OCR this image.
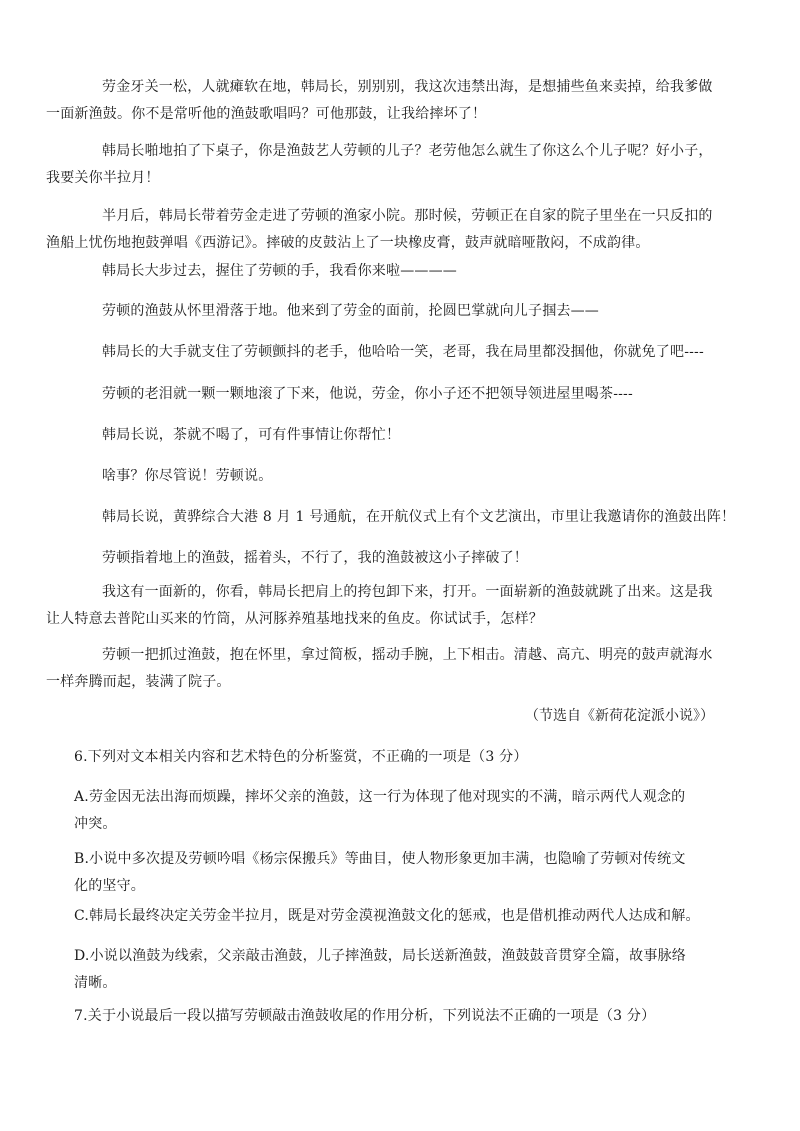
劳金牙关一松，人就瘫软在地，韩局长，别别别，我这次违禁出海，是想捕些鱼来卖掉，给我爹做
一面新渔鼓。你不是常听他的渔鼓歌唱吗？可他那鼓，让我给摔坏了！

韩局长啪地拍了下桌子，你是渔鼓艺人劳顿的儿子？老劳他怎么就生了你这么个儿子呢？好小子，
我要关你半拉月！

半月后，韩局长带着劳金走进了劳顿的渔家小院。那时候，劳顿正在自家的院子里坐在一只反扣的
渔船上忧伤地抱鼓弹唱《西游记》。摔破的皮鼓沾上了一块橡皮膏，鼓声就暗哑散闷，不成韵律。

韩局长大步过去，握住了劳顿的手，我看你来啦————

劳顿的渔鼓从怀里滑落于地。他来到了劳金的面前，抡圆巴掌就向儿子掴去——

韩局长的大手就支住了劳顿颤抖的老手，他哈哈一笑，老哥，我在局里都没掴他，你就免了吧----

劳顿的老泪就一颗一颗地滚了下来，他说，劳金，你小子还不把领导领进屋里喝茶----

韩局长说，茶就不喝了，可有件事情让你帮忙！

啥事？你尽管说！劳顿说。

韩局长说，黄骅综合大港 8 月 1 号通航，在开航仪式上有个文艺演出，市里让我邀请你的渔鼓出阵！

劳顿指着地上的渔鼓，摇着头，不行了，我的渔鼓被这小子摔破了！

我这有一面新的，你看，韩局长把肩上的挎包卸下来，打开。一面崭新的渔鼓就跳了出来。这是我
让人特意去普陀山买来的竹筒，从河豚养殖基地找来的鱼皮。你试试手，怎样？

劳顿一把抓过渔鼓，抱在怀里，拿过简板，摇动手腕，上下相击。清越、高亢、明亮的鼓声就海水
一样奔腾而起，装满了院子。

（节选自《新荷花淀派小说》）

6.下列对文本相关内容和艺术特色的分析鉴赏，不正确的一项是（3 分）

A.劳金因无法出海而烦躁，摔坏父亲的渔鼓，这一行为体现了他对现实的不满，暗示两代人观念的
冲突。

B.小说中多次提及劳顿吟唱《杨宗保搬兵》等曲目，使人物形象更加丰满，也隐喻了劳顿对传统文
化的坚守。

C.韩局长最终决定关劳金半拉月，既是对劳金漠视渔鼓文化的惩戒，也是借机推动两代人达成和解。

D.小说以渔鼓为线索，父亲敲击渔鼓，儿子摔渔鼓，局长送新渔鼓，渔鼓鼓音贯穿全篇，故事脉络
清晰。

7.关于小说最后一段以描写劳顿敲击渔鼓收尾的作用分析，下列说法不正确的一项是（3 分）
